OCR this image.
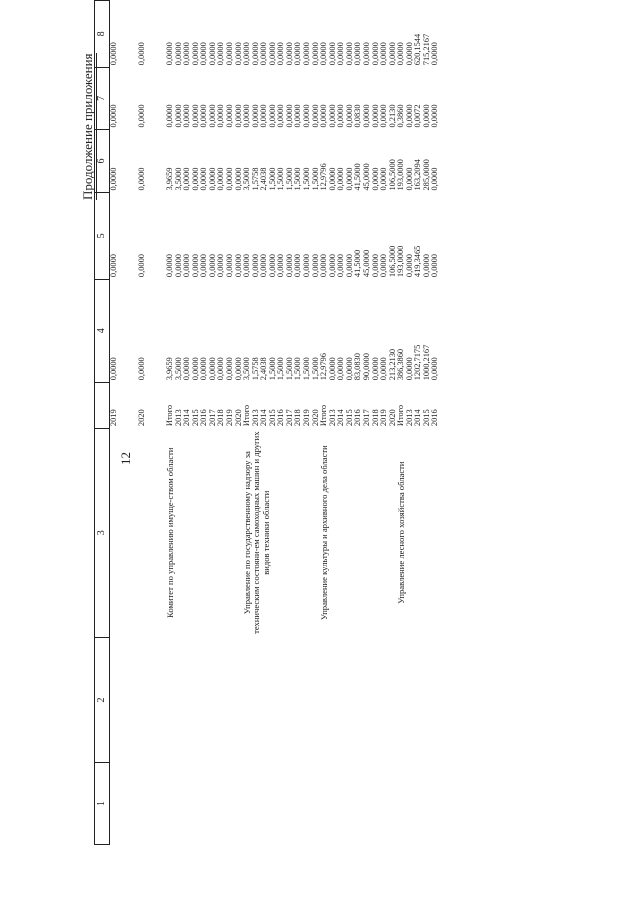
12
Продолжение приложения
1	2	3		4	5	6	7	8
			2019	0,0000	0,0000	0,0000	0,0000	0,0000
			2020	0,0000	0,0000	0,0000	0,0000	0,0000
		Комитет по управлению имуще-ством области	Итого	3,9659	0,0000	3,9659	0,0000	0,0000
			2013	3,5000	0,0000	3,5000	0,0000	0,0000
			2014	0,0000	0,0000	0,0000	0,0000	0,0000
			2015	0,0000	0,0000	0,0000	0,0000	0,0000
			2016	0,0000	0,0000	0,0000	0,0000	0,0000
			2017	0,0000	0,0000	0,0000	0,0000	0,0000
			2018	0,0000	0,0000	0,0000	0,0000	0,0000
			2019	0,0000	0,0000	0,0000	0,0000	0,0000
			2020	0,0000	0,0000	0,0000	0,0000	0,0000
		Управление по государственному надзору за техническим состояни-ем самоходных машин и других видов техники области	Итого	3,5000	0,0000	3,5000	0,0000	0,0000
			2013	1,5758	0,0000	1,5758	0,0000	0,0000
			2014	2,4038	0,0000	2,4038	0,0000	0,0000
			2015	1,5000	0,0000	1,5000	0,0000	0,0000
			2016	1,5000	0,0000	1,5000	0,0000	0,0000
			2017	1,5000	0,0000	1,5000	0,0000	0,0000
			2018	1,5000	0,0000	1,5000	0,0000	0,0000
			2019	1,5000	0,0000	1,5000	0,0000	0,0000
			2020	1,5000	0,0000	1,5000	0,0000	0,0000
		Управление культуры и архивного дела области	Итого	12,9796	0,0000	12,9796	0,0000	0,0000
			2013	0,0000	0,0000	0,0000	0,0000	0,0000
			2014	0,0000	0,0000	0,0000	0,0000	0,0000
			2015	0,0000	0,0000	0,0000	0,0000	0,0000
			2016	83,0830	41,5000	41,5000	0,0830	0,0000
			2017	90,0000	45,0000	45,0000	0,0000	0,0000
			2018	0,0000	0,0000	0,0000	0,0000	0,0000
			2019	0,0000	0,0000	0,0000	0,0000	0,0000
			2020	213,2130	106,5000	106,5000	0,2130	0,0000
		Управление лесного хозяйства области	Итого	386,3860	193,0000	193,0000	0,3860	0,0000
			2013	0,0000	0,0000	0,0000	0,0000	0,0000
			2014	1202,7175	419,3465	163,2094	0,0072	620,1544
			2015	1000,2167	0,0000	285,0000	0,0000	715,2167
			2016	0,0000	0,0000	0,0000	0,0000	0,0000
